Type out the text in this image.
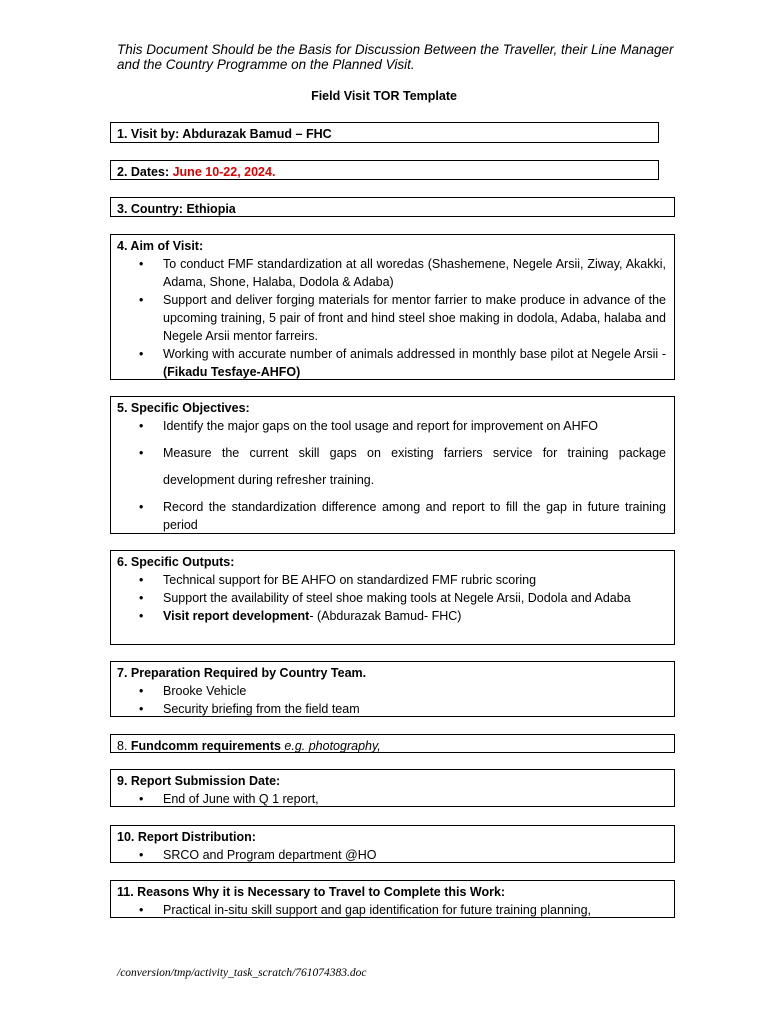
This Document Should be the Basis for Discussion Between the Traveller, their Line Manager and the Country Programme on the Planned Visit.
Field Visit TOR Template
1. Visit by: Abdurazak Bamud – FHC
2. Dates: June 10-22, 2024.
3. Country: Ethiopia
4. Aim of Visit:
• To conduct FMF standardization at all woredas (Shashemene, Negele Arsii, Ziway, Akakki, Adama, Shone, Halaba, Dodola & Adaba)
• Support and deliver forging materials for mentor farrier to make produce in advance of the upcoming training, 5 pair of front and hind steel shoe making in dodola, Adaba, halaba and Negele Arsii mentor farreirs.
• Working with accurate number of animals addressed in monthly base pilot at Negele Arsii - (Fikadu Tesfaye-AHFO)
5. Specific Objectives:
• Identify the major gaps on the tool usage and report for improvement on AHFO
• Measure the current skill gaps on existing farriers service for training package development during refresher training.
• Record the standardization difference among and report to fill the gap in future training period
6. Specific Outputs:
• Technical support for BE AHFO on standardized FMF rubric scoring
• Support the availability of steel shoe making tools at Negele Arsii, Dodola and Adaba
• Visit report development- (Abdurazak Bamud- FHC)
7. Preparation Required by Country Team.
• Brooke Vehicle
• Security briefing from the field team
8. Fundcomm requirements e.g. photography,
9. Report Submission Date:
• End of June with Q 1 report,
10. Report Distribution:
• SRCO and Program department @HO
11. Reasons Why it is Necessary to Travel to Complete this Work:
• Practical in-situ skill support and gap identification for future training planning,
/conversion/tmp/activity_task_scratch/761074383.doc
